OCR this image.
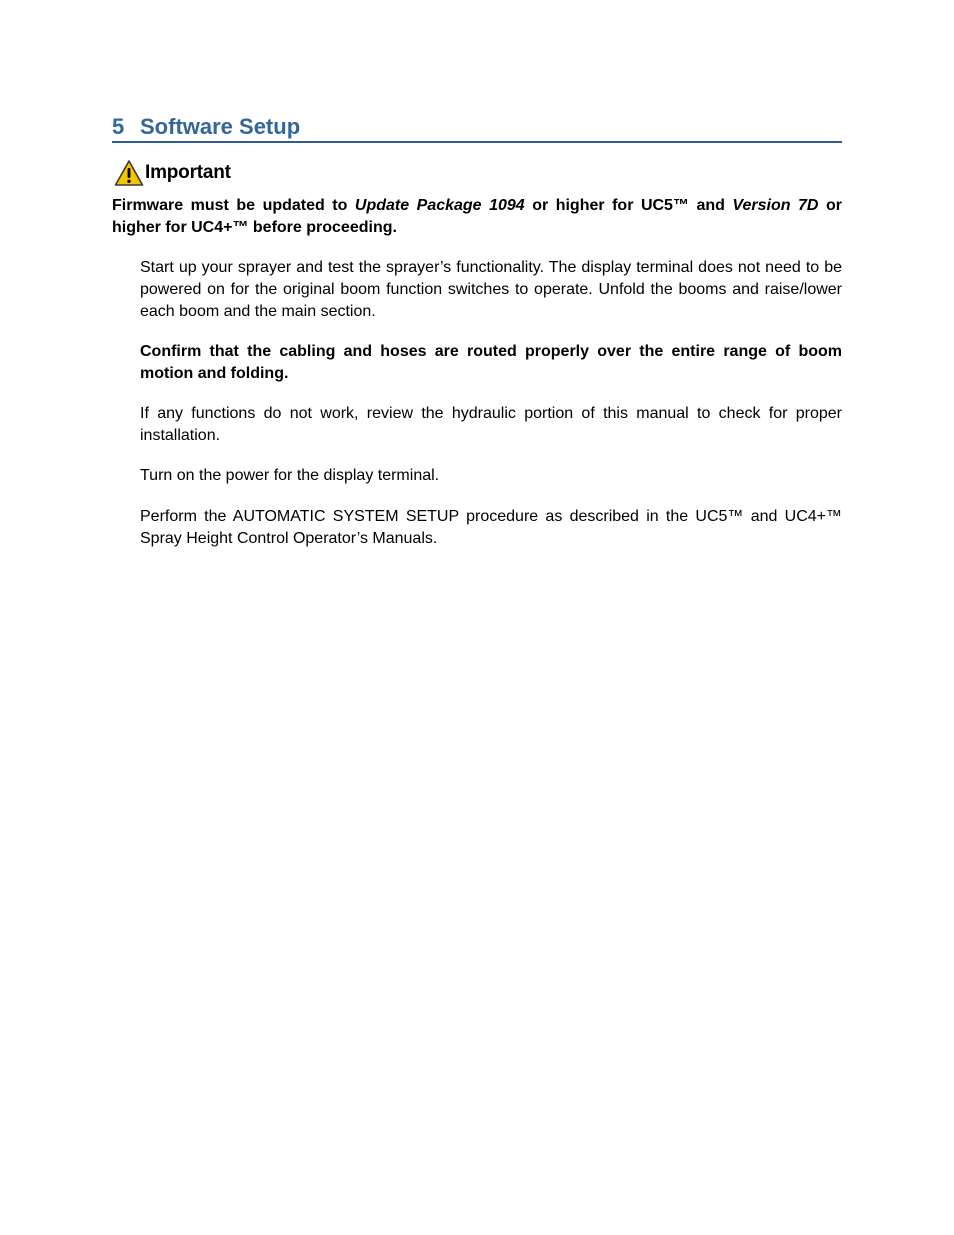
5 Software Setup
Important

Firmware must be updated to Update Package 1094 or higher for UC5™ and Version 7D or higher for UC4+™ before proceeding.

Start up your sprayer and test the sprayer’s functionality. The display terminal does not need to be powered on for the original boom function switches to operate. Unfold the booms and raise/lower each boom and the main section.

Confirm that the cabling and hoses are routed properly over the entire range of boom motion and folding.

If any functions do not work, review the hydraulic portion of this manual to check for proper installation.

Turn on the power for the display terminal.

Perform the AUTOMATIC SYSTEM SETUP procedure as described in the UC5™ and UC4+™ Spray Height Control Operator’s Manuals.
